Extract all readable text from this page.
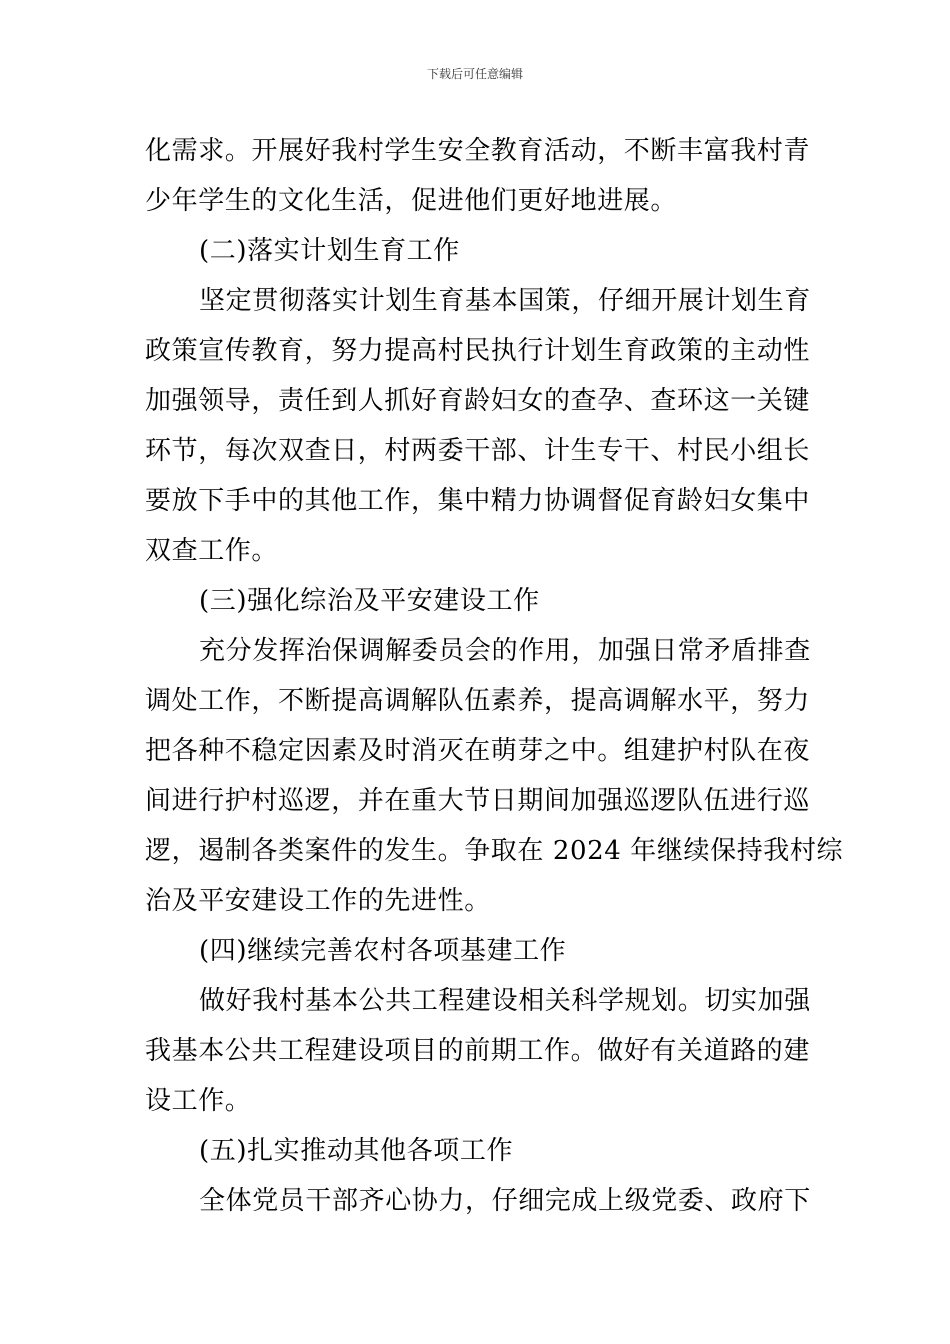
下载后可任意编辑
化需求。开展好我村学生安全教育活动，不断丰富我村青
少年学生的文化生活，促进他们更好地进展。
(二)落实计划生育工作
坚定贯彻落实计划生育基本国策，仔细开展计划生育
政策宣传教育，努力提高村民执行计划生育政策的主动性
加强领导，责任到人抓好育龄妇女的查孕、查环这一关键
环节，每次双查日，村两委干部、计生专干、村民小组长
要放下手中的其他工作，集中精力协调督促育龄妇女集中
双查工作。
(三)强化综治及平安建设工作
充分发挥治保调解委员会的作用，加强日常矛盾排查
调处工作，不断提高调解队伍素养，提高调解水平，努力
把各种不稳定因素及时消灭在萌芽之中。组建护村队在夜
间进行护村巡逻，并在重大节日期间加强巡逻队伍进行巡
逻，遏制各类案件的发生。争取在 2024 年继续保持我村综
治及平安建设工作的先进性。
(四)继续完善农村各项基建工作
做好我村基本公共工程建设相关科学规划。切实加强
我基本公共工程建设项目的前期工作。做好有关道路的建
设工作。
(五)扎实推动其他各项工作
全体党员干部齐心协力，仔细完成上级党委、政府下
